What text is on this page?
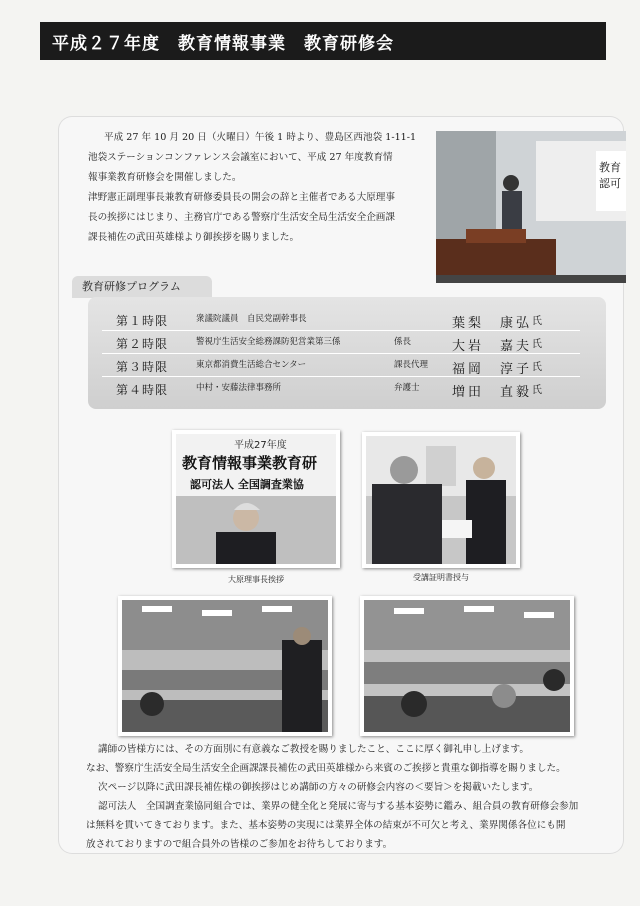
平成２７年度　教育情報事業　教育研修会

平成 27 年 10 月 20 日（火曜日）午後 1 時より、豊島区西池袋 1-11-1

池袋ステーションコンファレンス会議室において、平成 27 年度教育情

報事業教育研修会を開催しました。

津野憲正副理事長兼教育研修委員長の開会の辞と主催者である大原理事

長の挨拶にはじまり、主務官庁である警察庁生活安全局生活安全企画課

課長補佐の武田英雄様より御挨拶を賜りました。

教育
認可
教育研修プログラム
第１時限	衆議院議員　自民党副幹事長	葉梨　康弘 氏
第２時限	警視庁生活安全総務課防犯営業第三係	係長	大岩　嘉夫 氏
第３時限	東京都消費生活総合センター	課長代理 福岡　淳子 氏
第４時限	中村・安藤法律事務所	弁護士 増田　直毅 氏
平成27年度
教育情報事業教育研
認可法人 全国調査業協
大原理事長挨拶	受講証明書授与

講師の皆様方には、その方面別に有意義なご教授を賜りましたこと、ここに厚く御礼申し上げます。

なお、警察庁生活安全局生活安全企画課課長補佐の武田英雄様から来賓のご挨拶と貴重な御指導を賜りました。

次ページ以降に武田課長補佐様の御挨拶はじめ講師の方々の研修会内容の＜要旨＞を掲載いたします。

認可法人　全国調査業協同組合では、業界の健全化と発展に寄与する基本姿勢に鑑み、組合員の教育研修会参加

は無料を貫いてきております。また、基本姿勢の実現には業界全体の結束が不可欠と考え、業界関係各位にも開

放されておりますので組合員外の皆様のご参加をお待ちしております。
